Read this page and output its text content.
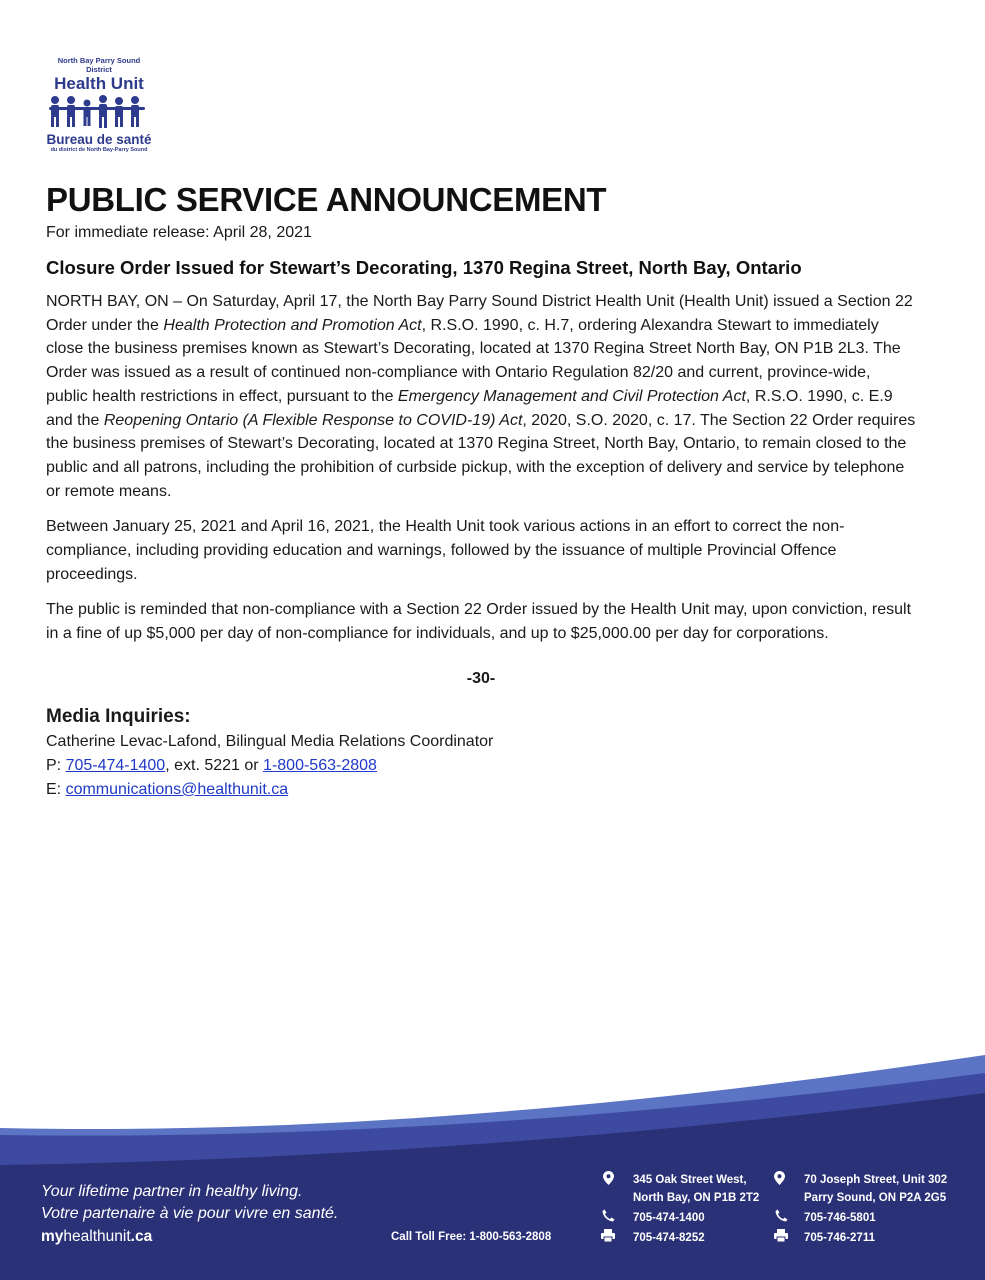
North Bay Parry Sound District
Health Unit
Bureau de santé
du district de North Bay-Parry Sound
PUBLIC SERVICE ANNOUNCEMENT
For immediate release: April 28, 2021
Closure Order Issued for Stewart’s Decorating, 1370 Regina Street, North Bay, Ontario

NORTH BAY, ON – On Saturday, April 17, the North Bay Parry Sound District Health Unit (Health Unit) issued a Section 22 Order under the Health Protection and Promotion Act, R.S.O. 1990, c. H.7, ordering Alexandra Stewart to immediately close the business premises known as Stewart’s Decorating, located at 1370 Regina Street North Bay, ON P1B 2L3. The Order was issued as a result of continued non-compliance with Ontario Regulation 82/20 and current, province-wide, public health restrictions in effect, pursuant to the Emergency Management and Civil Protection Act, R.S.O. 1990, c. E.9 and the Reopening Ontario (A Flexible Response to COVID-19) Act, 2020, S.O. 2020, c. 17. The Section 22 Order requires the business premises of Stewart’s Decorating, located at 1370 Regina Street, North Bay, Ontario, to remain closed to the public and all patrons, including the prohibition of curbside pickup, with the exception of delivery and service by telephone or remote means.

Between January 25, 2021 and April 16, 2021, the Health Unit took various actions in an effort to correct the non-compliance, including providing education and warnings, followed by the issuance of multiple Provincial Offence proceedings.

The public is reminded that non-compliance with a Section 22 Order issued by the Health Unit may, upon conviction, result in a fine of up $5,000 per day of non-compliance for individuals, and up to $25,000.00 per day for corporations.

-30-
Media Inquiries:
Catherine Levac-Lafond, Bilingual Media Relations Coordinator
P: 705-474-1400, ext. 5221 or 1-800-563-2808
E: communications@healthunit.ca
Your lifetime partner in healthy living.
Votre partenaire à vie pour vivre en santé.
myhealthunit.ca	Call Toll Free: 1-800-563-2808
345 Oak Street West,
North Bay, ON P1B 2T2
705-474-1400
705-474-8252
70 Joseph Street, Unit 302
Parry Sound, ON P2A 2G5
705-746-5801
705-746-2711
